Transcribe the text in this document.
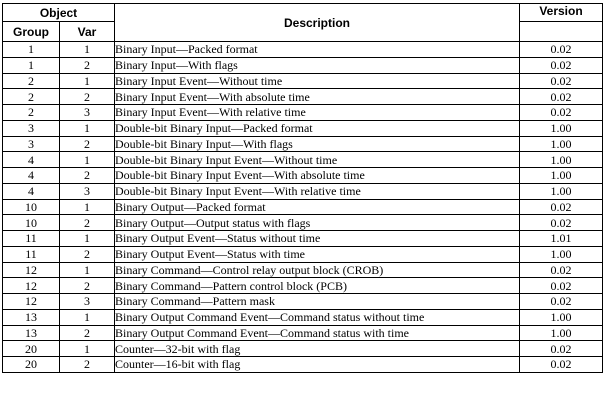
Object		Description	Version
Group	Var		
1	1	Binary Input—Packed format	0.02
1	2	Binary Input—With flags	0.02
2	1	Binary Input Event—Without time	0.02
2	2	Binary Input Event—With absolute time	0.02
2	3	Binary Input Event—With relative time	0.02
3	1	Double-bit Binary Input—Packed format	1.00
3	2	Double-bit Binary Input—With flags	1.00
4	1	Double-bit Binary Input Event—Without time	1.00
4	2	Double-bit Binary Input Event—With absolute time	1.00
4	3	Double-bit Binary Input Event—With relative time	1.00
10	1	Binary Output—Packed format	0.02
10	2	Binary Output—Output status with flags	0.02
11	1	Binary Output Event—Status without time	1.01
11	2	Binary Output Event—Status with time	1.00
12	1	Binary Command—Control relay output block (CROB)	0.02
12	2	Binary Command—Pattern control block (PCB)	0.02
12	3	Binary Command—Pattern mask	0.02
13	1	Binary Output Command Event—Command status without time	1.00
13	2	Binary Output Command Event—Command status with time	1.00
20	1	Counter—32-bit with flag	0.02
20	2	Counter—16-bit with flag	0.02
